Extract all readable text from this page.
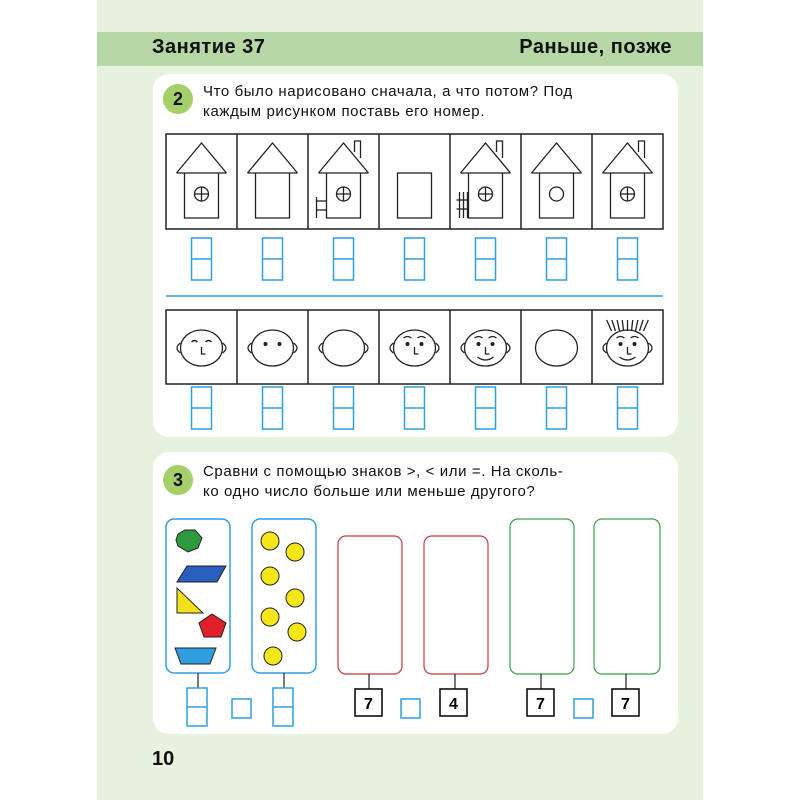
Занятие 37	Раньше, позже
2	Что было нарисовано сначала, а что потом? Под
каждым рисунком поставь его номер.
3	Сравни с помощью знаков >, < или =. На сколь-
ко одно число больше или меньше другого?
7	4	7	7
10
